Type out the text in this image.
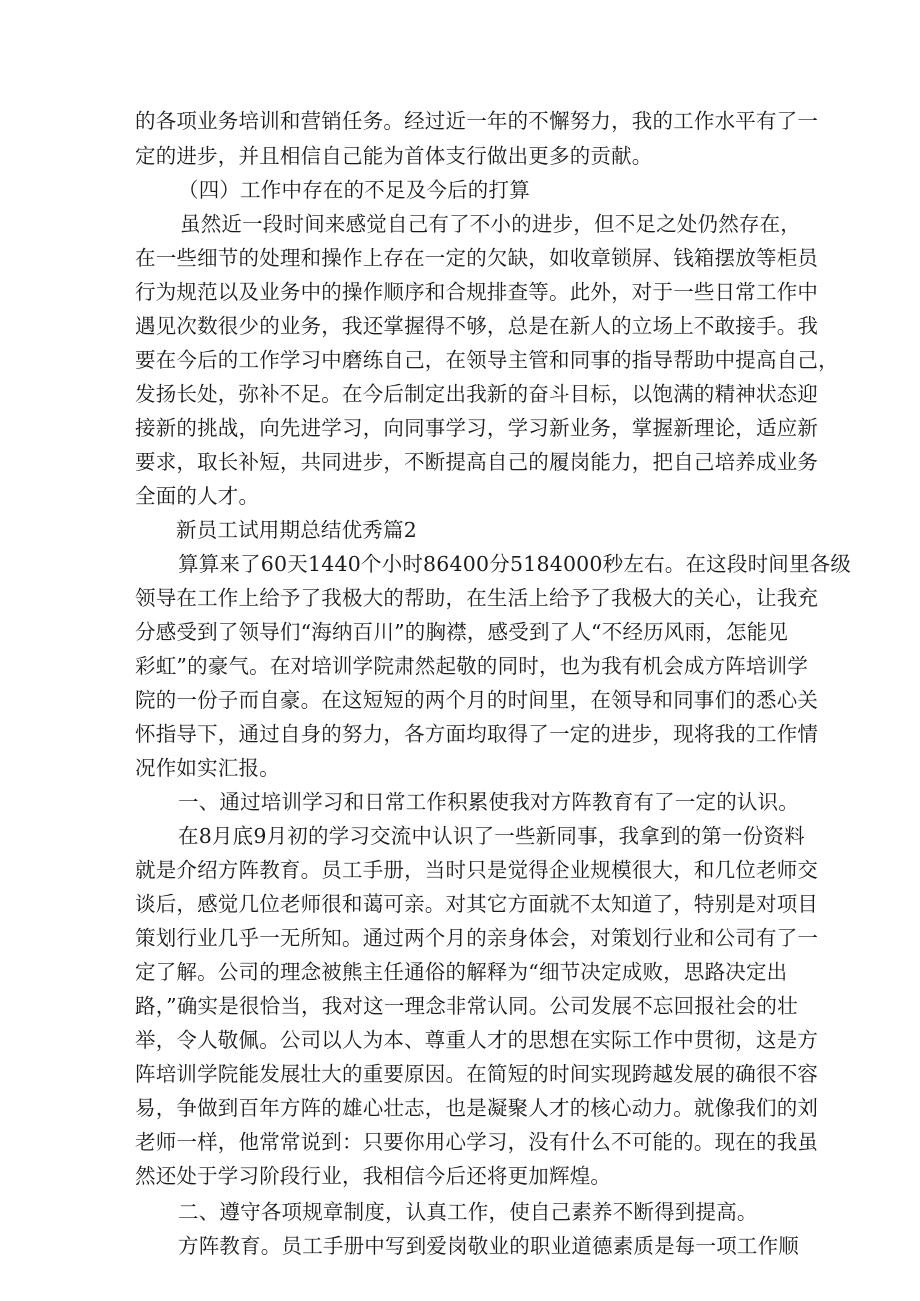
的各项业务培训和营销任务。经过近一年的不懈努力，我的工作水平有了一
定的进步，并且相信自己能为首体支行做出更多的贡献。
（四）工作中存在的不足及今后的打算
虽然近一段时间来感觉自己有了不小的进步，但不足之处仍然存在，
在一些细节的处理和操作上存在一定的欠缺，如收章锁屏、钱箱摆放等柜员
行为规范以及业务中的操作顺序和合规排查等。此外，对于一些日常工作中
遇见次数很少的业务，我还掌握得不够，总是在新人的立场上不敢接手。我
要在今后的工作学习中磨练自己，在领导主管和同事的指导帮助中提高自己，
发扬长处，弥补不足。在今后制定出我新的奋斗目标，以饱满的精神状态迎
接新的挑战，向先进学习，向同事学习，学习新业务，掌握新理论，适应新
要求，取长补短，共同进步，不断提高自己的履岗能力，把自己培养成业务
全面的人才。
新员工试用期总结优秀篇2
算算来了60天1440个小时86400分5184000秒左右。在这段时间里各级
领导在工作上给予了我极大的帮助，在生活上给予了我极大的关心，让我充
分感受到了领导们“海纳百川”的胸襟，感受到了人“不经历风雨，怎能见
彩虹”的豪气。在对培训学院肃然起敬的同时，也为我有机会成方阵培训学
院的一份子而自豪。在这短短的两个月的时间里，在领导和同事们的悉心关
怀指导下，通过自身的努力，各方面均取得了一定的进步，现将我的工作情
况作如实汇报。
一、通过培训学习和日常工作积累使我对方阵教育有了一定的认识。
在8月底9月初的学习交流中认识了一些新同事，我拿到的第一份资料
就是介绍方阵教育。员工手册，当时只是觉得企业规模很大，和几位老师交
谈后，感觉几位老师很和蔼可亲。对其它方面就不太知道了，特别是对项目
策划行业几乎一无所知。通过两个月的亲身体会，对策划行业和公司有了一
定了解。公司的理念被熊主任通俗的解释为“细节决定成败，思路决定出
路，”确实是很恰当，我对这一理念非常认同。公司发展不忘回报社会的壮
举，令人敬佩。公司以人为本、尊重人才的思想在实际工作中贯彻，这是方
阵培训学院能发展壮大的重要原因。在简短的时间实现跨越发展的确很不容
易，争做到百年方阵的雄心壮志，也是凝聚人才的核心动力。就像我们的刘
老师一样，他常常说到：只要你用心学习，没有什么不可能的。现在的我虽
然还处于学习阶段行业，我相信今后还将更加辉煌。
二、遵守各项规章制度，认真工作，使自己素养不断得到提高。
方阵教育。员工手册中写到爱岗敬业的职业道德素质是每一项工作顺
